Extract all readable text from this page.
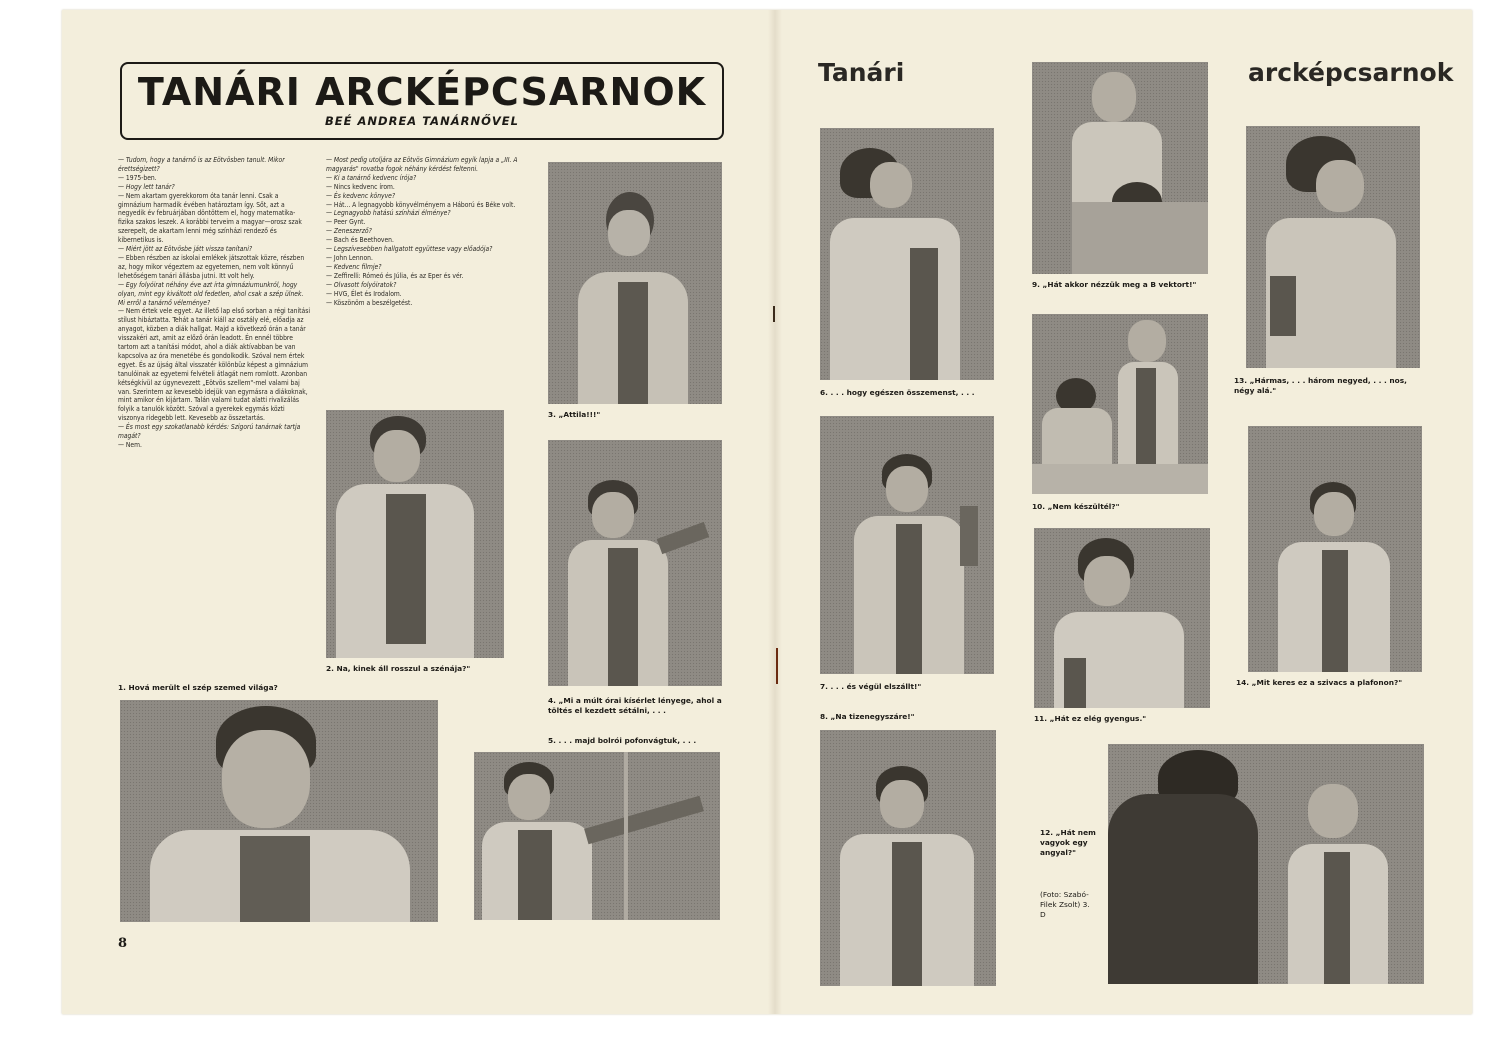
TANÁRI ARCKÉPCSARNOK
BEÉ ANDREA TANÁRNŐVEL

— Tudom, hogy a tanárnő is az Eötvösben tanult. Mikor érettségizett?

— 1975-ben.

— Hogy lett tanár?

— Nem akartam gyerekkorom óta tanár lenni. Csak a gimnázium harmadik évében határoztam így. Sőt, azt a negyedik év februárjában döntöttem el, hogy matematika-fizika szakos leszek. A korábbi terveim a magyar—orosz szak szerepelt, de akartam lenni még színházi rendező és kibernetikus is.

— Miért jött az Eötvösbe játt vissza tanítani?

— Ebben részben az iskolai emlékek játszottak közre, részben az, hogy mikor végeztem az egyetemen, nem volt könnyű lehetőségem tanári állásba jutni. Itt volt hely.

— Egy folyóirat néhány éve azt írta gimnáziumunkról, hogy olyan, mint egy kiváltott old fedetlen, ahol csak a szép ülnek. Mi erről a tanárnő véleménye?

— Nem értek vele egyet. Az illető lap első sorban a régi tanítási stílust hibáztatta. Tehát a tanár kiáll az osztály elé, előadja az anyagot, közben a diák hallgat. Majd a következő órán a tanár visszakéri azt, amit az előző órán leadott. Én ennél többre tartom azt a tanítási módot, ahol a diák aktívabban be van kapcsolva az óra menetébe és gondolkodik. Szóval nem értek egyet. És az újság által visszatér kölönbüz képest a gimnázium tanulóinak az egyetemi felvételi átlagát nem romlott. Azonban kétségkívül az úgynevezett „Eötvös szellem"-mel valami baj van. Szerintem az kevesebb idejük van egymásra a diákoknak, mint amikor én kijártam. Talán valami tudat alatti rivalizálás folyik a tanulók között. Szóval a gyerekek egymás közti viszonya ridegebb lett. Kevesebb az összetartás.

— És most egy szokatlanabb kérdés: Szigorú tanárnak tartja magát?

— Nem.

— Most pedig utoljára az Eötvös Gimnázium egyik lapja a „III. A magyarás" rovatba fogok néhány kérdést feltenni.

— Ki a tanárnő kedvenc írója?

— Nincs kedvenc írom.

— És kedvenc könyve?

— Hát... A legnagyobb könyvélményem a Háború és Béke volt.

— Legnagyobb hatású színházi élménye?

— Peer Gynt.

— Zeneszerző?

— Bach és Beethoven.

— Legszívesebben hallgatott együttese vagy előadója?

— John Lennon.

— Kedvenc filmje?

— Zeffirelli: Rómeó és Júlia, és az Eper és vér.

— Olvasott folyóiratok?

— HVG, Élet és Irodalom.

— Köszönöm a beszélgetést.

3. „Attila!!!"
2. Na, kinek áll rosszul a szénája?"
4. „Mi a múlt órai kísérlet lényege, ahol a töltés el kezdett sétálni, . . .
5. . . . majd bolrói pofonvágtuk, . . .
1. Hová merült el szép szemed világa?
8
Tanári	arcképcsarnok
6. . . . hogy egészen összemenst, . . .
7. . . . és végül elszállt!"
8. „Na tizenegyszáre!"
9. „Hát akkor nézzük meg a B vektort!"
10. „Nem készültél?"
11. „Hát ez elég gyengus."
13. „Hármas, . . . három negyed, . . . nos, négy alá."
14. „Mit keres ez a szivacs a plafonon?"
12. „Hát nem vagyok egy angyal?"
(Foto: Szabó-Filek Zsolt) 3. D
